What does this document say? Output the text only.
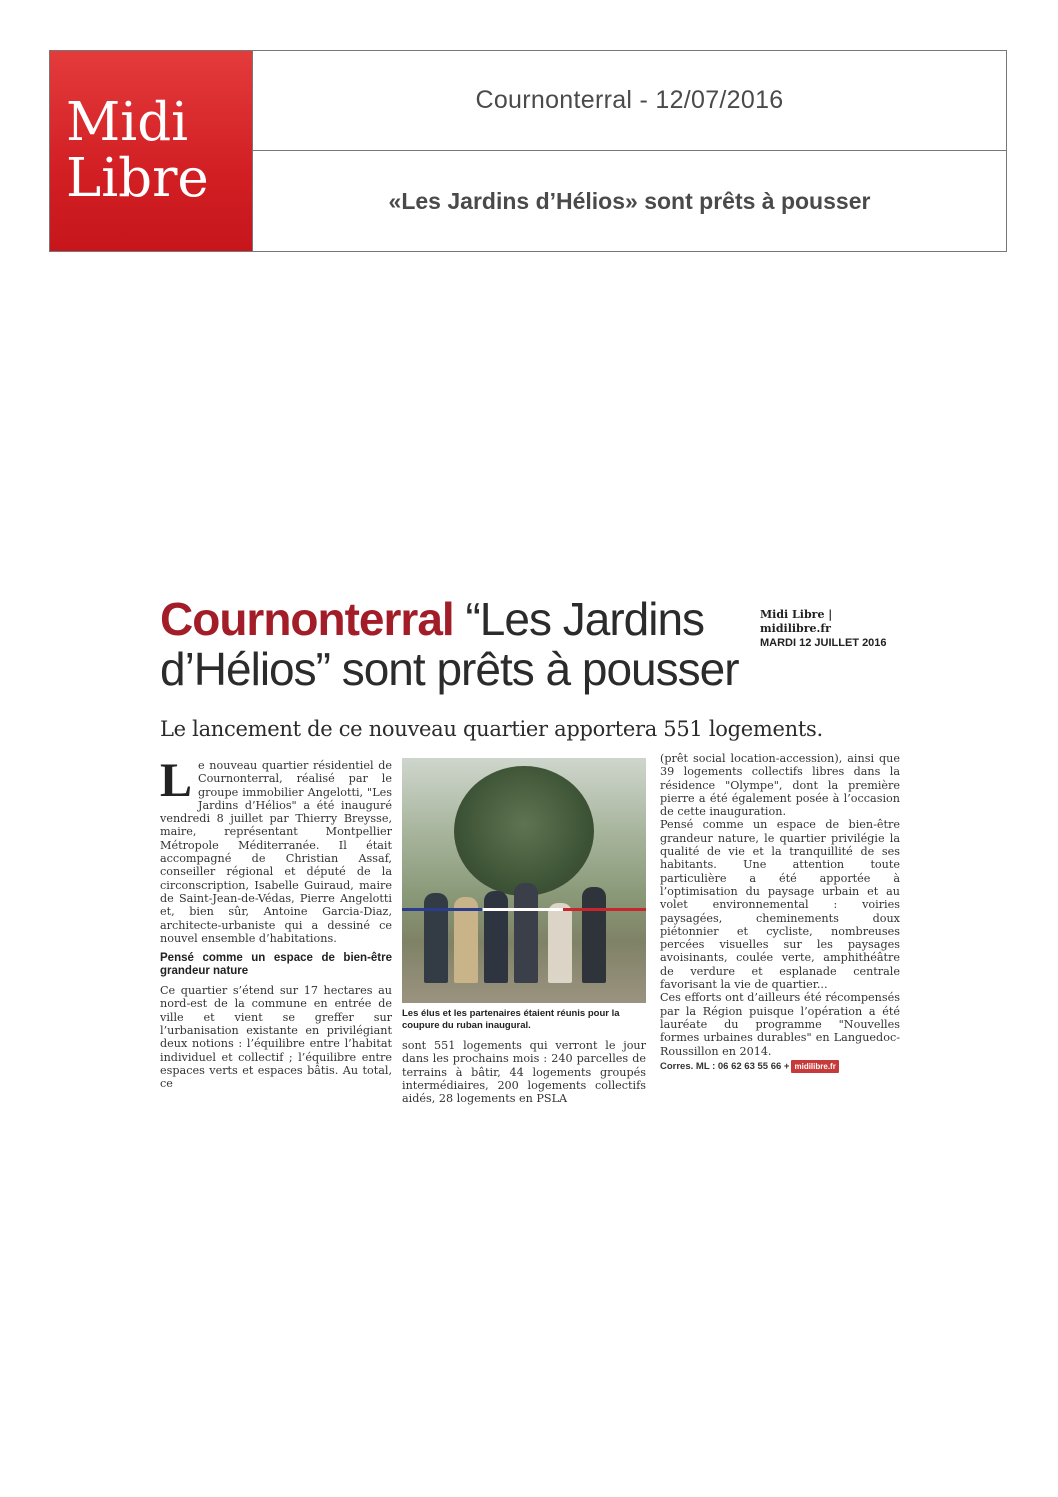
Midi
Libre
Cournonterral - 12/07/2016
«Les Jardins d’Hélios» sont prêts à pousser
Cournonterral “Les Jardins d’Hélios” sont prêts à pousser
Midi Libre | midilibre.fr
MARDI 12 JUILLET 2016
Le lancement de ce nouveau quartier apportera 551 logements.

Le nouveau quartier résidentiel de Cournonterral, réalisé par le groupe immobilier Angelotti, "Les Jardins d’Hélios" a été inauguré vendredi 8 juillet par Thierry Breysse, maire, représentant Montpellier Métropole Méditerranée. Il était accompagné de Christian Assaf, conseiller régional et député de la circonscription, Isabelle Guiraud, maire de Saint-Jean-de-Védas, Pierre Angelotti et, bien sûr, Antoine Garcia-Diaz, architecte-urbaniste qui a dessiné ce nouvel ensemble d’habitations.

Pensé comme un espace de bien-être grandeur nature

Ce quartier s’étend sur 17 hectares au nord-est de la commune en entrée de ville et vient se greffer sur l’urbanisation existante en privilégiant deux notions : l’équilibre entre l’habitat individuel et collectif ; l’équilibre entre espaces verts et espaces bâtis. Au total, ce

Les élus et les partenaires étaient réunis pour la coupure du ruban inaugural.

sont 551 logements qui verront le jour dans les prochains mois : 240 parcelles de terrains à bâtir, 44 logements groupés intermédiaires, 200 logements collectifs aidés, 28 logements en PSLA

(prêt social location-accession), ainsi que 39 logements collectifs libres dans la résidence "Olympe", dont la première pierre a été également posée à l’occasion de cette inauguration.

Pensé comme un espace de bien-être grandeur nature, le quartier privilégie la qualité de vie et la tranquillité de ses habitants. Une attention toute particulière a été apportée à l’optimisation du paysage urbain et au volet environnemental : voiries paysagées, cheminements doux piétonnier et cycliste, nombreuses percées visuelles sur les paysages avoisinants, coulée verte, amphithéâtre de verdure et esplanade centrale favorisant la vie de quartier...

Ces efforts ont d’ailleurs été récompensés par la Région puisque l’opération a été lauréate du programme "Nouvelles formes urbaines durables" en Languedoc-Roussillon en 2014.

Corres. ML : 06 62 63 55 66 + midilibre.fr
